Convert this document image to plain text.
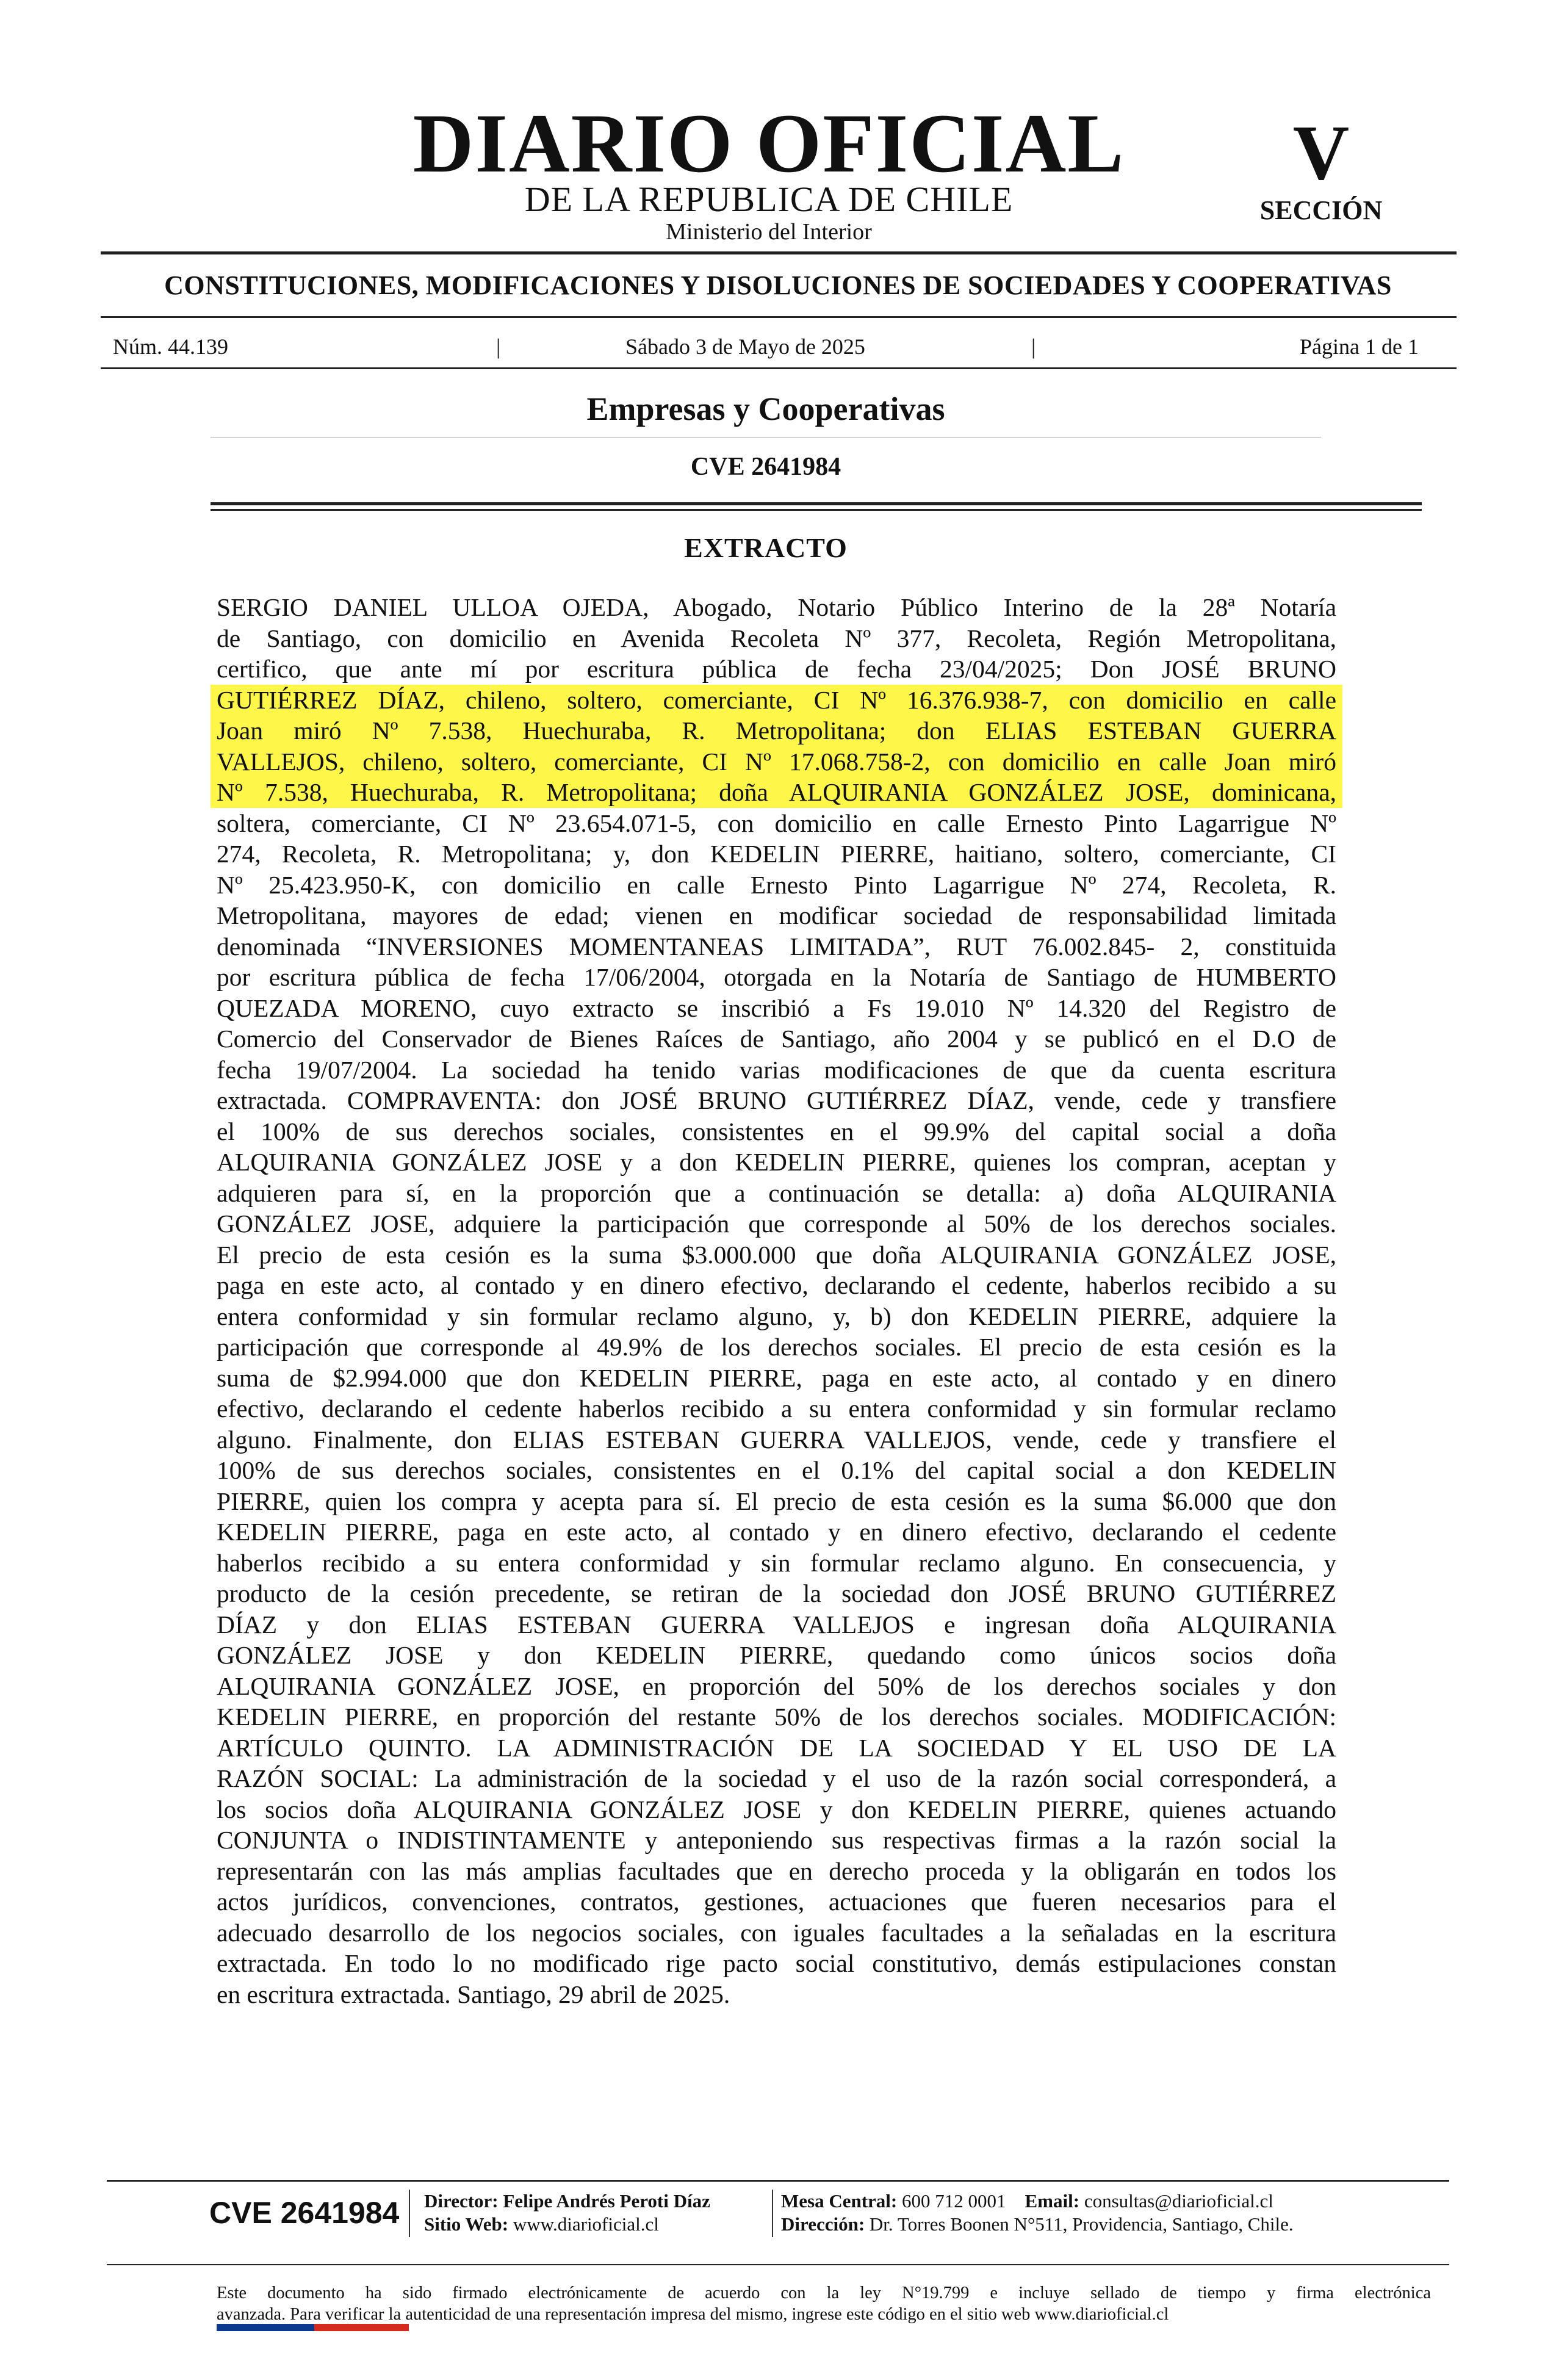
DIARIO OFICIAL
DE LA REPUBLICA DE CHILE
Ministerio del Interior
V
SECCIÓN
CONSTITUCIONES, MODIFICACIONES Y DISOLUCIONES DE SOCIEDADES Y COOPERATIVAS
Núm. 44.139	|	Sábado 3 de Mayo de 2025	|	Página 1 de 1
Empresas y Cooperativas
CVE 2641984
EXTRACTO
SERGIO DANIEL ULLOA OJEDA, Abogado, Notario Público Interino de la 28ª Notaría
de Santiago, con domicilio en Avenida Recoleta Nº 377, Recoleta, Región Metropolitana,
certifico, que ante mí por escritura pública de fecha 23/04/2025; Don JOSÉ BRUNO
GUTIÉRREZ DÍAZ, chileno, soltero, comerciante, CI Nº 16.376.938-7, con domicilio en calle
Joan miró Nº 7.538, Huechuraba, R. Metropolitana; don ELIAS ESTEBAN GUERRA
VALLEJOS, chileno, soltero, comerciante, CI Nº 17.068.758-2, con domicilio en calle Joan miró
Nº 7.538, Huechuraba, R. Metropolitana; doña ALQUIRANIA GONZÁLEZ JOSE, dominicana,
soltera, comerciante, CI Nº 23.654.071-5, con domicilio en calle Ernesto Pinto Lagarrigue Nº
274, Recoleta, R. Metropolitana; y, don KEDELIN PIERRE, haitiano, soltero, comerciante, CI
Nº 25.423.950-K, con domicilio en calle Ernesto Pinto Lagarrigue Nº 274, Recoleta, R.
Metropolitana, mayores de edad; vienen en modificar sociedad de responsabilidad limitada
denominada “INVERSIONES MOMENTANEAS LIMITADA”, RUT 76.002.845- 2, constituida
por escritura pública de fecha 17/06/2004, otorgada en la Notaría de Santiago de HUMBERTO
QUEZADA MORENO, cuyo extracto se inscribió a Fs 19.010 Nº 14.320 del Registro de
Comercio del Conservador de Bienes Raíces de Santiago, año 2004 y se publicó en el D.O de
fecha 19/07/2004. La sociedad ha tenido varias modificaciones de que da cuenta escritura
extractada. COMPRAVENTA: don JOSÉ BRUNO GUTIÉRREZ DÍAZ, vende, cede y transfiere
el 100% de sus derechos sociales, consistentes en el 99.9% del capital social a doña
ALQUIRANIA GONZÁLEZ JOSE y a don KEDELIN PIERRE, quienes los compran, aceptan y
adquieren para sí, en la proporción que a continuación se detalla: a) doña ALQUIRANIA
GONZÁLEZ JOSE, adquiere la participación que corresponde al 50% de los derechos sociales.
El precio de esta cesión es la suma $3.000.000 que doña ALQUIRANIA GONZÁLEZ JOSE,
paga en este acto, al contado y en dinero efectivo, declarando el cedente, haberlos recibido a su
entera conformidad y sin formular reclamo alguno, y, b) don KEDELIN PIERRE, adquiere la
participación que corresponde al 49.9% de los derechos sociales. El precio de esta cesión es la
suma de $2.994.000 que don KEDELIN PIERRE, paga en este acto, al contado y en dinero
efectivo, declarando el cedente haberlos recibido a su entera conformidad y sin formular reclamo
alguno. Finalmente, don ELIAS ESTEBAN GUERRA VALLEJOS, vende, cede y transfiere el
100% de sus derechos sociales, consistentes en el 0.1% del capital social a don KEDELIN
PIERRE, quien los compra y acepta para sí. El precio de esta cesión es la suma $6.000 que don
KEDELIN PIERRE, paga en este acto, al contado y en dinero efectivo, declarando el cedente
haberlos recibido a su entera conformidad y sin formular reclamo alguno. En consecuencia, y
producto de la cesión precedente, se retiran de la sociedad don JOSÉ BRUNO GUTIÉRREZ
DÍAZ y don ELIAS ESTEBAN GUERRA VALLEJOS e ingresan doña ALQUIRANIA
GONZÁLEZ JOSE y don KEDELIN PIERRE, quedando como únicos socios doña
ALQUIRANIA GONZÁLEZ JOSE, en proporción del 50% de los derechos sociales y don
KEDELIN PIERRE, en proporción del restante 50% de los derechos sociales. MODIFICACIÓN:
ARTÍCULO QUINTO. LA ADMINISTRACIÓN DE LA SOCIEDAD Y EL USO DE LA
RAZÓN SOCIAL: La administración de la sociedad y el uso de la razón social corresponderá, a
los socios doña ALQUIRANIA GONZÁLEZ JOSE y don KEDELIN PIERRE, quienes actuando
CONJUNTA o INDISTINTAMENTE y anteponiendo sus respectivas firmas a la razón social la
representarán con las más amplias facultades que en derecho proceda y la obligarán en todos los
actos jurídicos, convenciones, contratos, gestiones, actuaciones que fueren necesarios para el
adecuado desarrollo de los negocios sociales, con iguales facultades a la señaladas en la escritura
extractada. En todo lo no modificado rige pacto social constitutivo, demás estipulaciones constan
en escritura extractada. Santiago, 29 abril de 2025.
CVE 2641984 Director: Felipe Andrés Peroti Díaz
Sitio Web: www.diarioficial.cl
Mesa Central: 600 712 0001 Email: consultas@diarioficial.cl
Dirección: Dr. Torres Boonen N°511, Providencia, Santiago, Chile.
Este documento ha sido firmado electrónicamente de acuerdo con la ley N°19.799 e incluye sellado de tiempo y firma electrónica
avanzada. Para verificar la autenticidad de una representación impresa del mismo, ingrese este código en el sitio web www.diarioficial.cl
